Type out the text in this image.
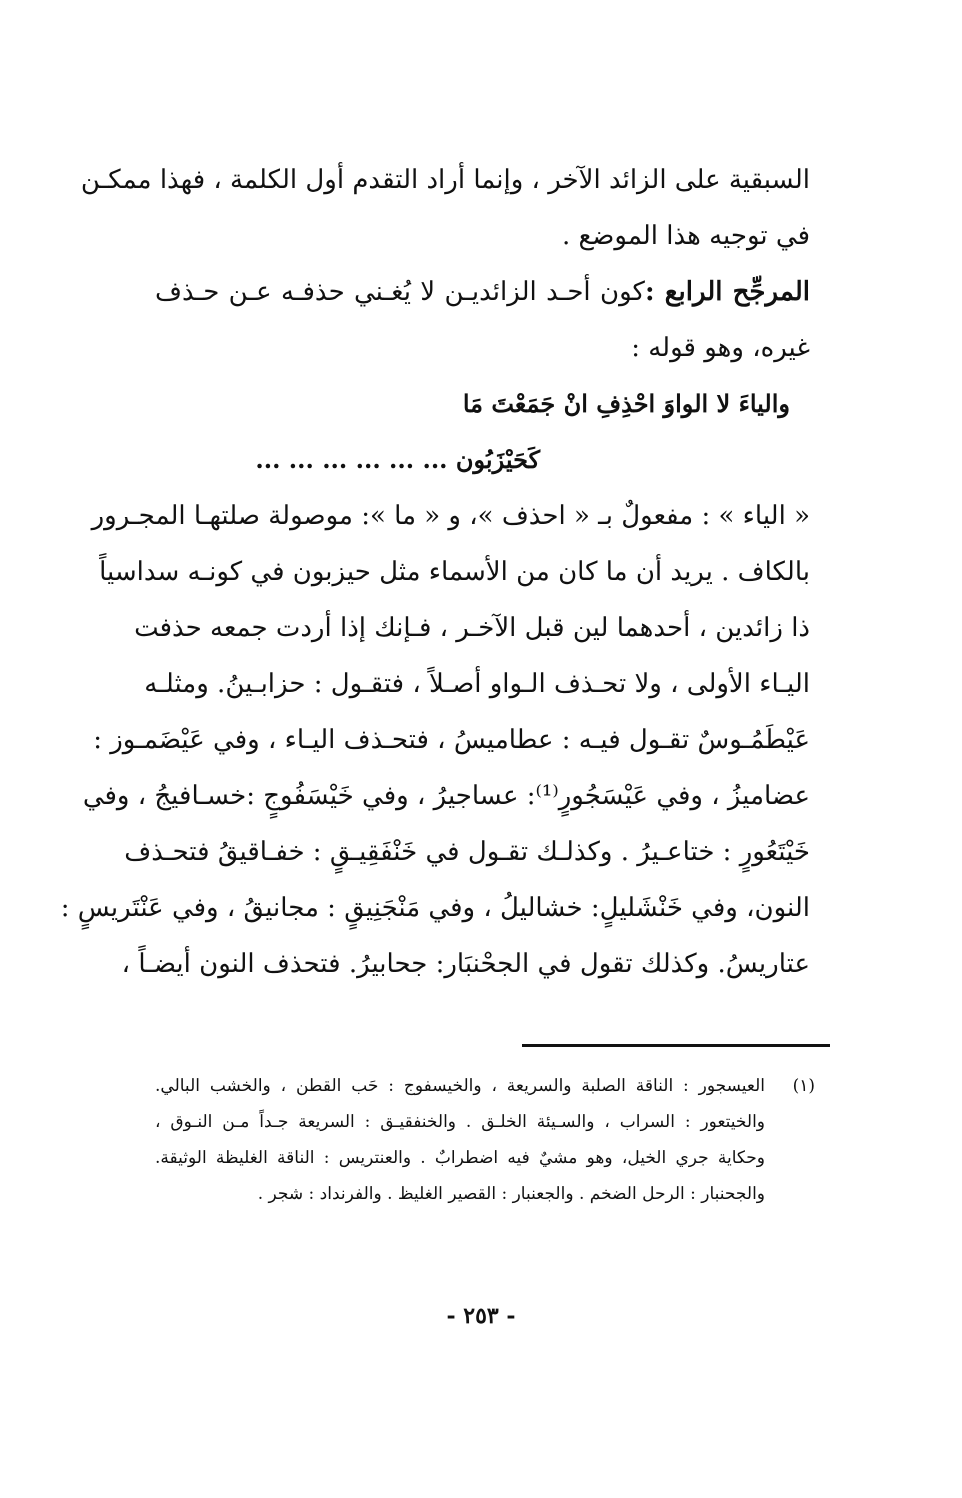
السبقية على الزائد الآخر ، وإنما أراد التقدم أول الكلمة ، فهذا ممكـن
في توجيه هذا الموضع .
المرجِّح الرابع :كون أحـد الزائديـن لا يُغـني حذفـه عـن حـذف
غيره، وهو قوله :
والياءَ لا الواوَ احْذِفِ انْ جَمَعْتَ مَا
كَحَيْزَبُون ... ... ... ... ... ...
« الياء » : مفعولٌ بـ « احذف »، و « ما »: موصولة صلتهـا المجـرور
بالكاف . يريد أن ما كان من الأسماء مثل حيزبون في كونـه سداسياً
ذا زائدين ، أحدهما لين قبل الآخـر ، فـإنك إذا أردت جمعه حذفت
اليـاء الأولى ، ولا تحـذف الـواو أصـلاً ، فتقـول : حزابـينُ. ومثلـه
عَيْطَمُـوسٌ تقـول فيـه : عطاميسُ ، فتحـذف اليـاء ، وفي عَيْضَمـوز :
عضاميزُ ، وفي عَيْسَجُورٍ⁽¹⁾: عساجيرُ ، وفي خَيْسَفُوجٍ :خسـافيجُ ، وفي
خَيْتَعُورٍ : ختاعـيرُ . وكذلـك تقـول في خَنْفَقِيـقٍ : خفـاقيقُ فتحـذف
النون، وفي خَنْشَليلٍ: خشاليلُ ، وفي مَنْجَنِيقٍ : مجانيقُ ، وفي عَنْتَريسٍ :
عتاريسُ. وكذلك تقول في الجحْنبَار: جحابيرُ. فتحذف النون أيضـاً ،
(١)
العيسجور : الناقة الصلبة والسريعة ، والخيسفوج : حَب القطن ، والخشب البالي.
والخيتعور : السراب ، والسـيئة الخلـق . والخنفقيـق : السريعة جـداً مـن النـوق ،
وحكاية جري الخيل، وهو مشيٌ فيه اضطرابٌ . والعنتريس : الناقة الغليظة الوثيقة.
والجحنبار : الرحل الضخم . والجعنبار : القصير الغليظ . والفرنداد : شجر .
- ٢٥٣ -
